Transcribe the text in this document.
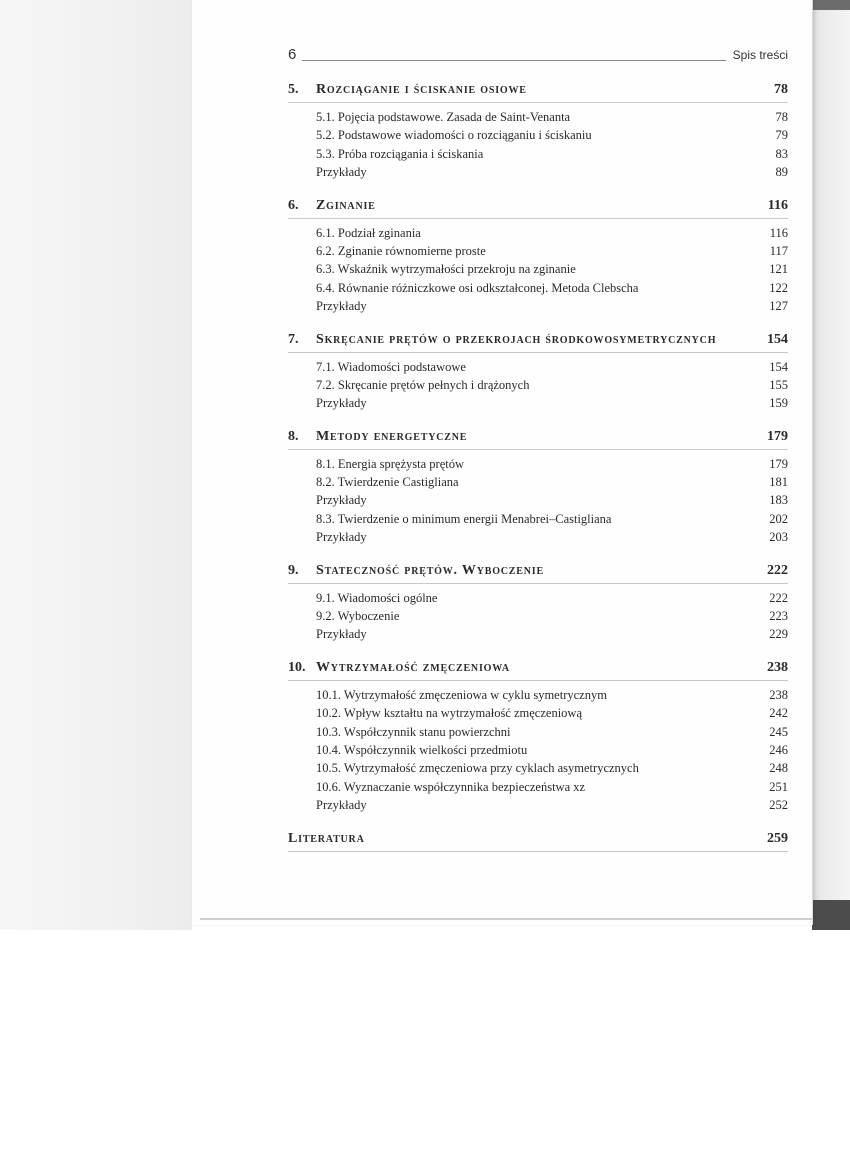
6	Spis treści
5. Rozciąganie i ściskanie osiowe	78
5.1. Pojęcia podstawowe. Zasada de Saint-Venanta	78
5.2. Podstawowe wiadomości o rozciąganiu i ściskaniu	79
5.3. Próba rozciągania i ściskania	83
Przykłady	89
6. Zginanie	116
6.1. Podział zginania	116
6.2. Zginanie równomierne proste	117
6.3. Wskaźnik wytrzymałości przekroju na zginanie	121
6.4. Równanie różniczkowe osi odkształconej. Metoda Clebscha	122
Przykłady	127
7. Skręcanie prętów o przekrojach środkowosymetrycznych	154
7.1. Wiadomości podstawowe	154
7.2. Skręcanie prętów pełnych i drążonych	155
Przykłady	159
8. Metody energetyczne	179
8.1. Energia sprężysta prętów	179
8.2. Twierdzenie Castigliana	181
Przykłady	183
8.3. Twierdzenie o minimum energii Menabrei–Castigliana	202
Przykłady	203
9. Stateczność prętów. Wyboczenie	222
9.1. Wiadomości ogólne	222
9.2. Wyboczenie	223
Przykłady	229
10. Wytrzymałość zmęczeniowa	238
10.1. Wytrzymałość zmęczeniowa w cyklu symetrycznym	238
10.2. Wpływ kształtu na wytrzymałość zmęczeniową	242
10.3. Współczynnik stanu powierzchni	245
10.4. Współczynnik wielkości przedmiotu	246
10.5. Wytrzymałość zmęczeniowa przy cyklach asymetrycznych	248
10.6. Wyznaczanie współczynnika bezpieczeństwa xz	251
Przykłady	252
Literatura	259
